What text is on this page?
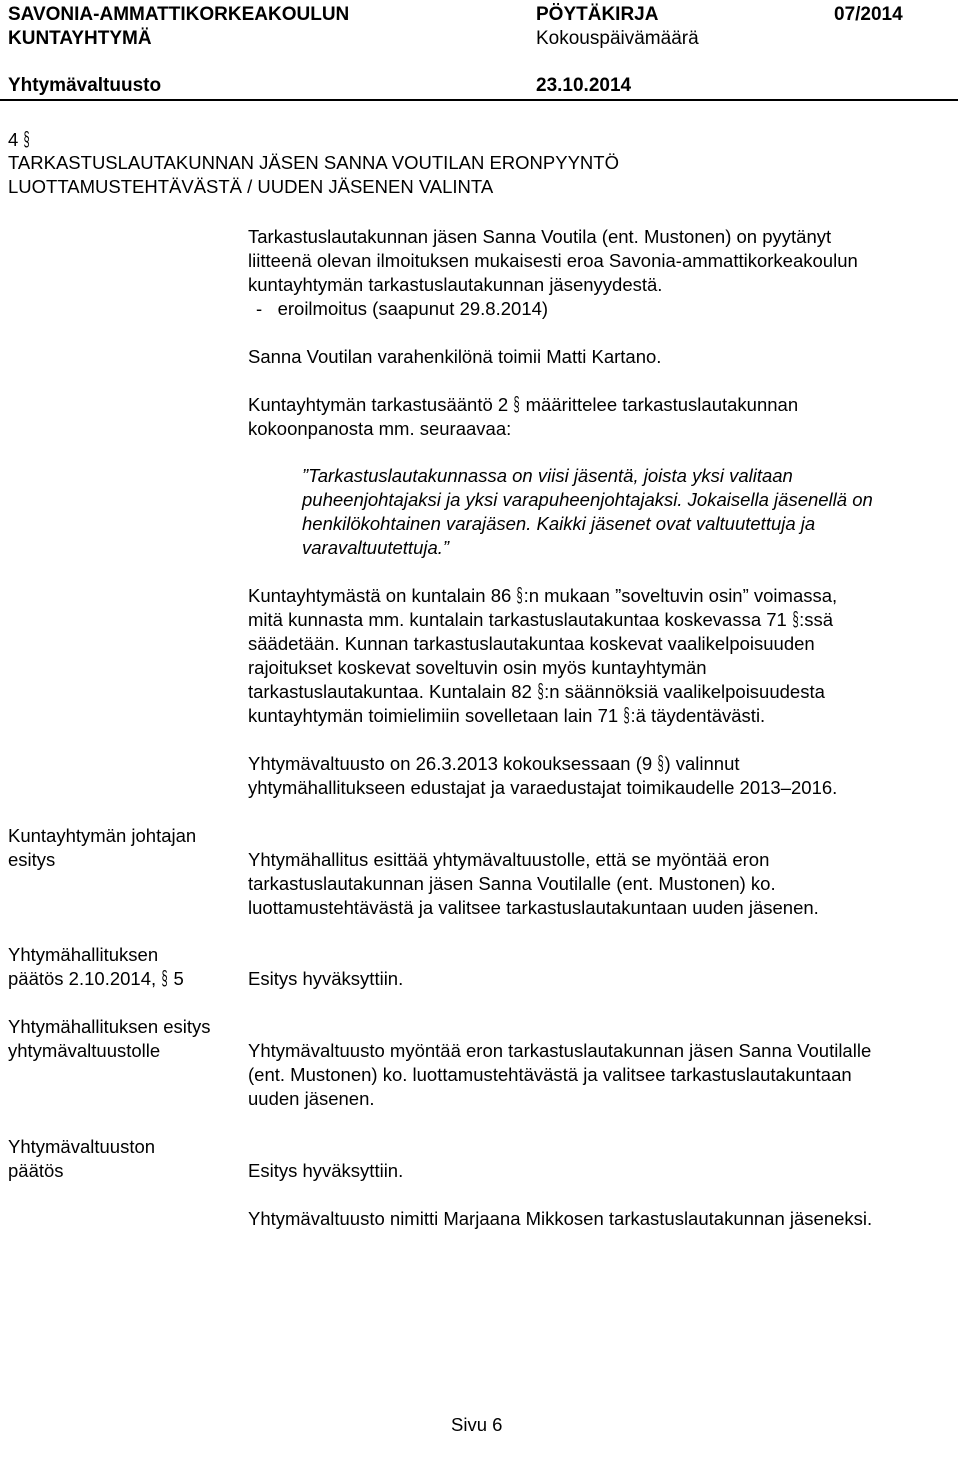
SAVONIA-AMMATTIKORKEAKOULUN
KUNTAYHTYMÄ
PÖYTÄKIRJA
Kokouspäivämäärä
07/2014
Yhtymävaltuusto	23.10.2014
4 §
TARKASTUSLAUTAKUNNAN JÄSEN SANNA VOUTILAN ERONPYYNTÖ
LUOTTAMUSTEHTÄVÄSTÄ / UUDEN JÄSENEN VALINTA
Tarkastuslautakunnan jäsen Sanna Voutila (ent. Mustonen) on pyytänyt
liitteenä olevan ilmoituksen mukaisesti eroa Savonia-ammattikorkeakoulun
kuntayhtymän tarkastuslautakunnan jäsenyydestä.
-   eroilmoitus (saapunut 29.8.2014)
Sanna Voutilan varahenkilönä toimii Matti Kartano.
Kuntayhtymän tarkastusääntö 2 § määrittelee tarkastuslautakunnan
kokoonpanosta mm. seuraavaa:
”Tarkastuslautakunnassa on viisi jäsentä, joista yksi valitaan
puheenjohtajaksi ja yksi varapuheenjohtajaksi. Jokaisella jäsenellä on
henkilökohtainen varajäsen. Kaikki jäsenet ovat valtuutettuja ja
varavaltuutettuja.”
Kuntayhtymästä on kuntalain 86 §:n mukaan ”soveltuvin osin” voimassa,
mitä kunnasta mm. kuntalain tarkastuslautakuntaa koskevassa 71 §:ssä
säädetään. Kunnan tarkastuslautakuntaa koskevat vaalikelpoisuuden
rajoitukset koskevat soveltuvin osin myös kuntayhtymän
tarkastuslautakuntaa. Kuntalain 82 §:n säännöksiä vaalikelpoisuudesta
kuntayhtymän toimielimiin sovelletaan lain 71 §:ä täydentävästi.
Yhtymävaltuusto on 26.3.2013 kokouksessaan (9 §) valinnut
yhtymähallitukseen edustajat ja varaedustajat toimikaudelle 2013–2016.
Kuntayhtymän johtajan
esitys	Yhtymähallitus esittää yhtymävaltuustolle, että se myöntää eron
tarkastuslautakunnan jäsen Sanna Voutilalle (ent. Mustonen) ko.
luottamustehtävästä ja valitsee tarkastuslautakuntaan uuden jäsenen.
Yhtymähallituksen
päätös 2.10.2014, § 5	Esitys hyväksyttiin.
Yhtymähallituksen esitys
yhtymävaltuustolle	Yhtymävaltuusto myöntää eron tarkastuslautakunnan jäsen Sanna Voutilalle
(ent. Mustonen) ko. luottamustehtävästä ja valitsee tarkastuslautakuntaan
uuden jäsenen.
Yhtymävaltuuston
päätös	Esitys hyväksyttiin.
Yhtymävaltuusto nimitti Marjaana Mikkosen tarkastuslautakunnan jäseneksi.
Sivu 6
